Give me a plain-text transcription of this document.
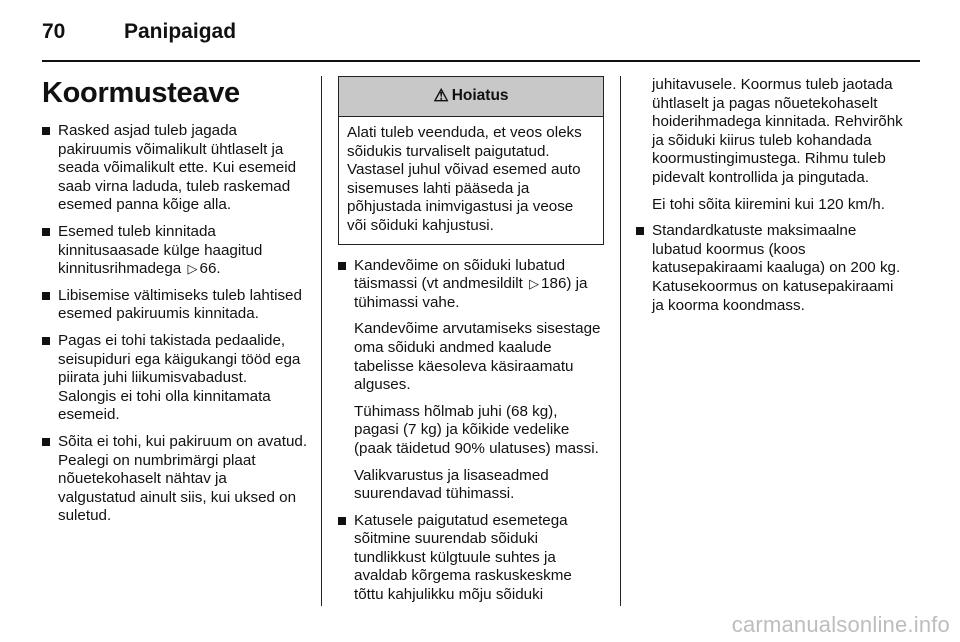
70	Panipaigad
Koormusteave

Rasked asjad tuleb jagada pakiruumis võimalikult ühtlaselt ja seada võimalikult ette. Kui esemeid saab virna laduda, tuleb raskemad esemed panna kõige alla.

Esemed tuleb kinnitada kinnitusaasade külge haagitud kinnitusrihmadega ▷ 66.

Libisemise vältimiseks tuleb lahtised esemed pakiruumis kinnitada.

Pagas ei tohi takistada pedaalide, seisupiduri ega käigukangi tööd ega piirata juhi liikumisvabadust. Salongis ei tohi olla kinnitamata esemeid.

Sõita ei tohi, kui pakiruum on avatud. Pealegi on numbrimärgi plaat nõuetekohaselt nähtav ja valgustatud ainult siis, kui uksed on suletud.

⚠ Hoiatus
Alati tuleb veenduda, et veos oleks sõidukis turvaliselt paigutatud. Vastasel juhul võivad esemed auto sisemuses lahti pääseda ja põhjustada inimvigastusi ja veose või sõiduki kahjustusi.

Kandevõime on sõiduki lubatud täismassi (vt andmesildilt ▷ 186) ja tühimassi vahe.

Kandevõime arvutamiseks sisestage oma sõiduki andmed kaalude tabelisse käesoleva käsiraamatu alguses.

Tühimass hõlmab juhi (68 kg), pagasi (7 kg) ja kõikide vedelike (paak täidetud 90% ulatuses) massi.

Valikvarustus ja lisaseadmed suurendavad tühimassi.

Katusele paigutatud esemetega sõitmine suurendab sõiduki tundlikkust külgtuule suhtes ja avaldab kõrgema raskuskeskme tõttu kahjulikku mõju sõiduki

juhitavusele. Koormus tuleb jaotada ühtlaselt ja pagas nõuetekohaselt hoiderihmadega kinnitada. Rehvirõhk ja sõiduki kiirus tuleb kohandada koormustingimustega. Rihmu tuleb pidevalt kontrollida ja pingutada.

Ei tohi sõita kiiremini kui 120 km/h.

Standardkatuste maksimaalne lubatud koormus (koos katusepakiraami kaaluga) on 200 kg. Katusekoormus on katusepakiraami ja koorma koondmass.

carmanualsonline.info
